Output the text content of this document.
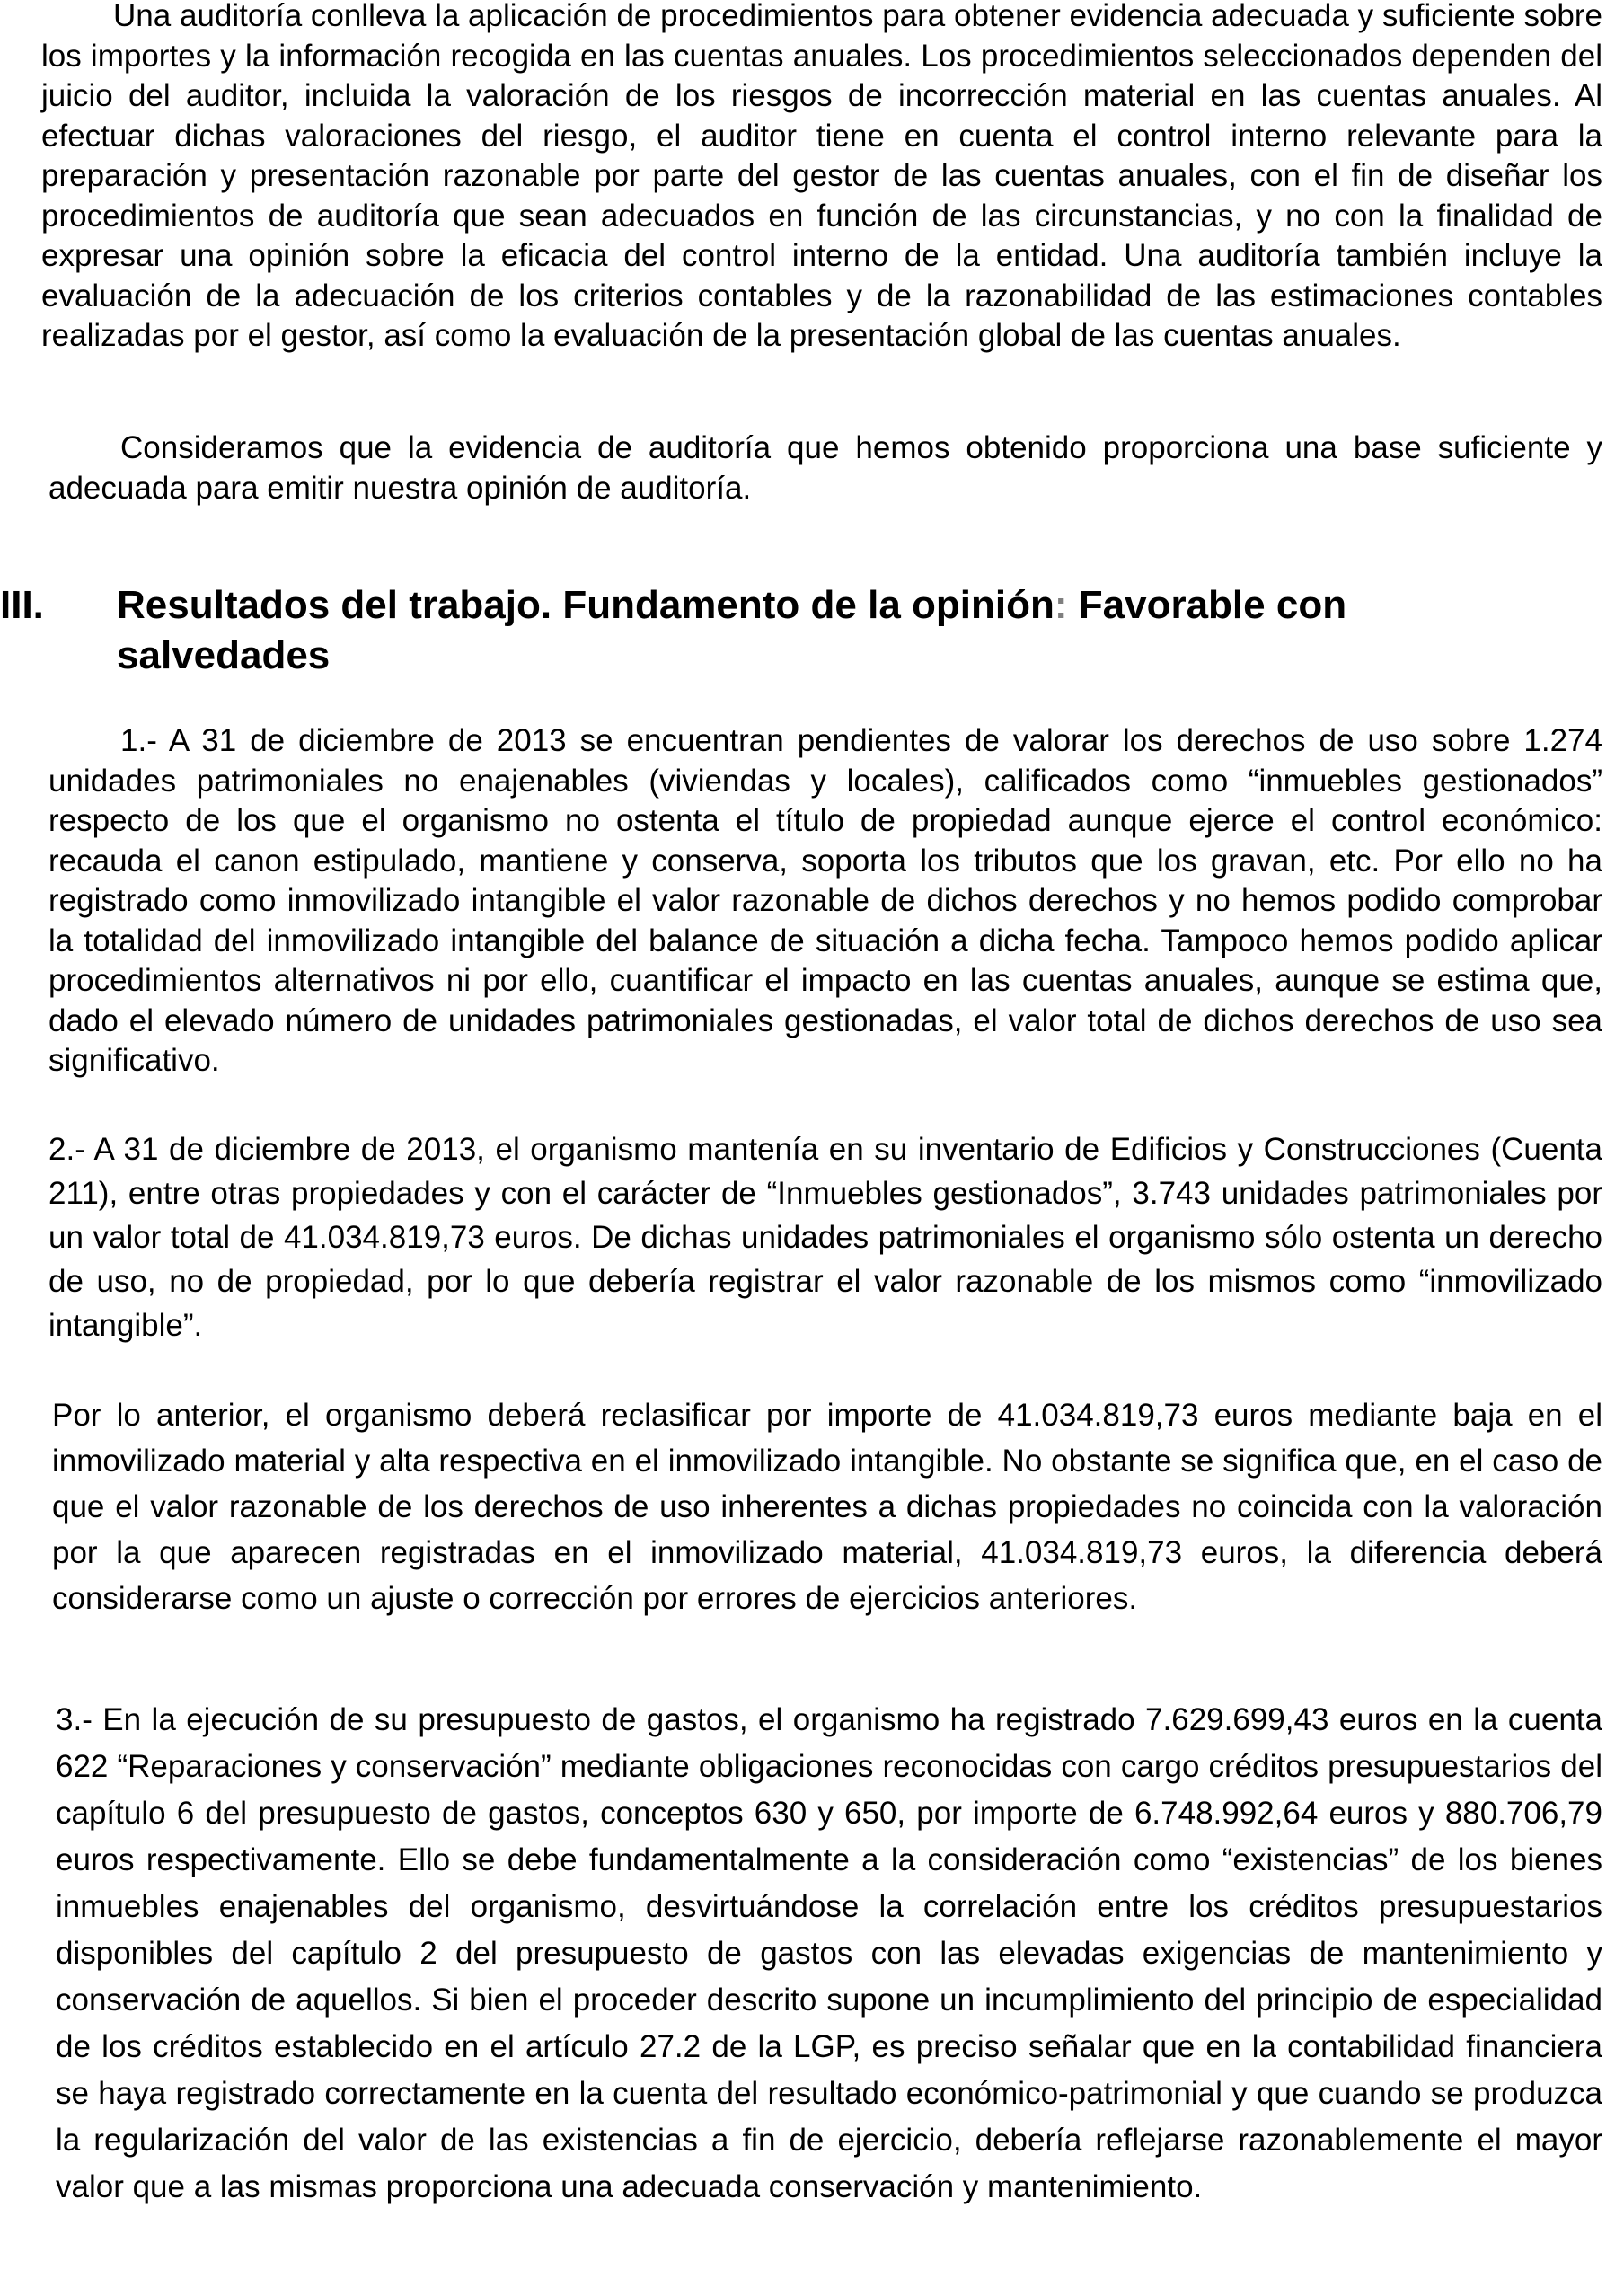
Una auditoría conlleva la aplicación de procedimientos para obtener evidencia adecuada y suficiente sobre los importes y la información recogida en las cuentas anuales. Los procedimientos seleccionados dependen del juicio del auditor, incluida la valoración de los riesgos de incorrección material en las cuentas anuales. Al efectuar dichas valoraciones del riesgo, el auditor tiene en cuenta el control interno relevante para la preparación y presentación razonable por parte del gestor de las cuentas anuales, con el fin de diseñar los procedimientos de auditoría que sean adecuados en función de las circunstancias, y no con la finalidad de expresar una opinión sobre la eficacia del control interno de la entidad. Una auditoría también incluye la evaluación de la adecuación de los criterios contables y de la razonabilidad de las estimaciones contables realizadas por el gestor, así como la evaluación de la presentación global de las cuentas anuales.

Consideramos que la evidencia de auditoría que hemos obtenido proporciona una base suficiente y adecuada para emitir nuestra opinión de auditoría.

III. Resultados del trabajo. Fundamento de la opinión: Favorable con salvedades

1.- A 31 de diciembre de 2013 se encuentran pendientes de valorar los derechos de uso sobre 1.274 unidades patrimoniales no enajenables (viviendas y locales), calificados como “inmuebles gestionados” respecto de los que el organismo no ostenta el título de propiedad aunque ejerce el control económico: recauda el canon estipulado, mantiene y conserva, soporta los tributos que los gravan, etc. Por ello no ha registrado como inmovilizado intangible el valor razonable de dichos derechos y no hemos podido comprobar la totalidad del inmovilizado intangible del balance de situación a dicha fecha. Tampoco hemos podido aplicar procedimientos alternativos ni por ello, cuantificar el impacto en las cuentas anuales, aunque se estima que, dado el elevado número de unidades patrimoniales gestionadas, el valor total de dichos derechos de uso sea significativo.

2.- A 31 de diciembre de 2013, el organismo mantenía en su inventario de Edificios y Construcciones (Cuenta 211), entre otras propiedades y con el carácter de “Inmuebles gestionados”, 3.743 unidades patrimoniales por un valor total de 41.034.819,73 euros. De dichas unidades patrimoniales el organismo sólo ostenta un derecho de uso, no de propiedad, por lo que debería registrar el valor razonable de los mismos como “inmovilizado intangible”.

Por lo anterior, el organismo deberá reclasificar por importe de 41.034.819,73 euros mediante baja en el inmovilizado material y alta respectiva en el inmovilizado intangible. No obstante se significa que, en el caso de que el valor razonable de los derechos de uso inherentes a dichas propiedades no coincida con la valoración por la que aparecen registradas en el inmovilizado material, 41.034.819,73 euros, la diferencia deberá considerarse como un ajuste o corrección por errores de ejercicios anteriores.

3.- En la ejecución de su presupuesto de gastos, el organismo ha registrado 7.629.699,43 euros en la cuenta 622 “Reparaciones y conservación” mediante obligaciones reconocidas con cargo créditos presupuestarios del capítulo 6 del presupuesto de gastos, conceptos 630 y 650, por importe de 6.748.992,64 euros y 880.706,79 euros respectivamente. Ello se debe fundamentalmente a la consideración como “existencias” de los bienes inmuebles enajenables del organismo, desvirtuándose la correlación entre los créditos presupuestarios disponibles del capítulo 2 del presupuesto de gastos con las elevadas exigencias de mantenimiento y conservación de aquellos. Si bien el proceder descrito supone un incumplimiento del principio de especialidad de los créditos establecido en el artículo 27.2 de la LGP, es preciso señalar que en la contabilidad financiera se haya registrado correctamente en la cuenta del resultado económico-patrimonial y que cuando se produzca la regularización del valor de las existencias a fin de ejercicio, debería reflejarse razonablemente el mayor valor que a las mismas proporciona una adecuada conservación y mantenimiento.
